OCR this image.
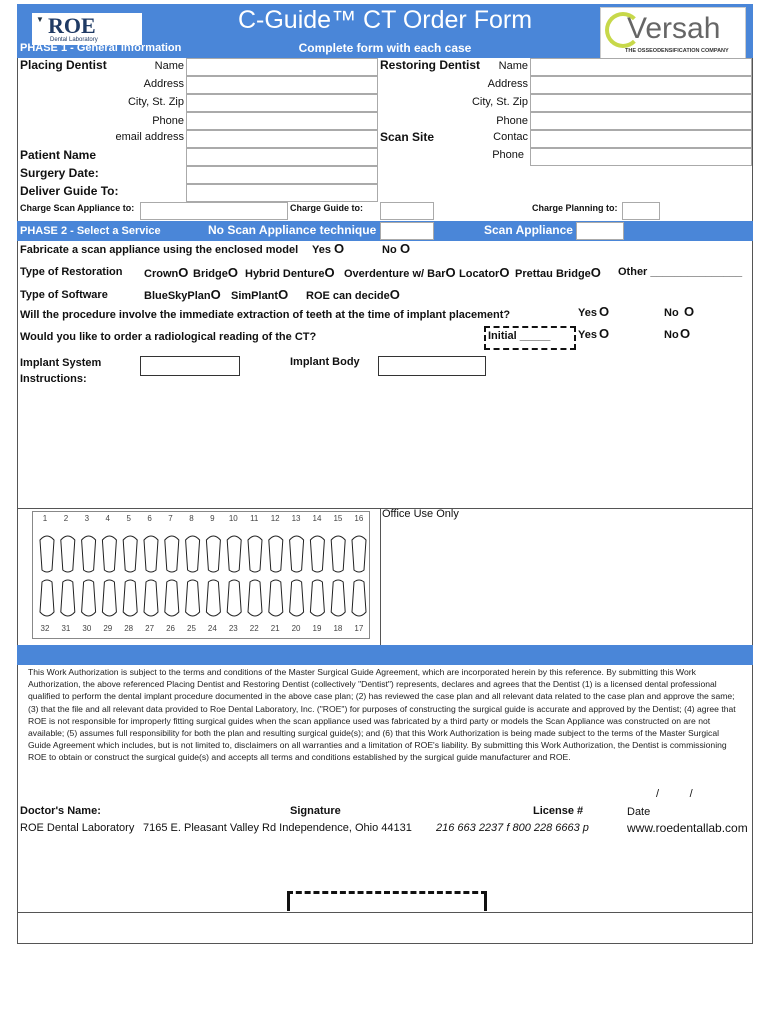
▼ ROE
Dental Laboratory
C-Guide™ CT Order Form
PHASE 1 - General Information	Complete form with each case
Versah
THE OSSEODENSIFICATION COMPANY
Placing Dentist	Name
Address
City, St. Zip
Phone
email address
Restoring Dentist	Name
Address
City, St. Zip
Phone
Scan Site	Contac
Phone
Patient Name
Surgery Date:
Deliver Guide To:
Charge Scan Appliance to:	Charge Guide to:	Charge Planning to:
PHASE 2 - Select a Service	No Scan Appliance technique	Scan Appliance
Fabricate a scan appliance using the enclosed model Yes O	No O
Type of Restoration CrownO BridgeO Hybrid DentureO Overdenture w/ BarO LocatorO Prettau BridgeO Other _______________
Type of Software	BlueSkyPlanO SimPlantO ROE can decideO
Will the procedure involve the immediate extraction of teeth at the time of implant placement?	Yes O	No O
Would you like to order a radiological reading of the CT?	Initial _____	Yes O	No O
Implant System	Implant Body
Instructions:
1	2	3	4	5	6	7	8	9	10	11	12	13	14	15	16
32	31	30	29	28	27	26	25	24	23	22	21	20	19	18	17
Office Use Only
This Work Authorization is subject to the terms and conditions of the Master Surgical Guide Agreement, which are incorporated herein by this reference. By submitting this Work Authorization, the above referenced Placing Dentist and Restoring Dentist (collectively "Dentist") represents, declares and agrees that the Dentist (1) is a licensed dental professional qualified to perform the dental implant procedure documented in the above case plan; (2) has reviewed the case plan and all relevant data related to the case plan and approve the same; (3) that the file and all relevant data provided to Roe Dental Laboratory, Inc. ("ROE") for purposes of constructing the surgical guide is accurate and approved by the Dentist; (4) agree that ROE is not responsible for improperly fitting surgical guides when the scan appliance used was fabricated by a third party or models the Scan Appliance was constructed on are not available; (5) assumes full responsibility for both the plan and resulting surgical guide(s); and (6) that this Work Authorization is being made subject to the terms of the Master Surgical Guide Agreement which includes, but is not limited to, disclaimers on all warranties and a limitation of ROE's liability. By submitting this Work Authorization, the Dentist is commissioning ROE to obtain or construct the surgical guide(s) and accepts all terms and conditions established by the surgical guide manufacturer and ROE.
Doctor's Name:	Signature	License #
/          /
Date
ROE Dental Laboratory 7165 E. Pleasant Valley Rd Independence, Ohio 44131 216 663 2237 f 800 228 6663 p	www.roedentallab.com
